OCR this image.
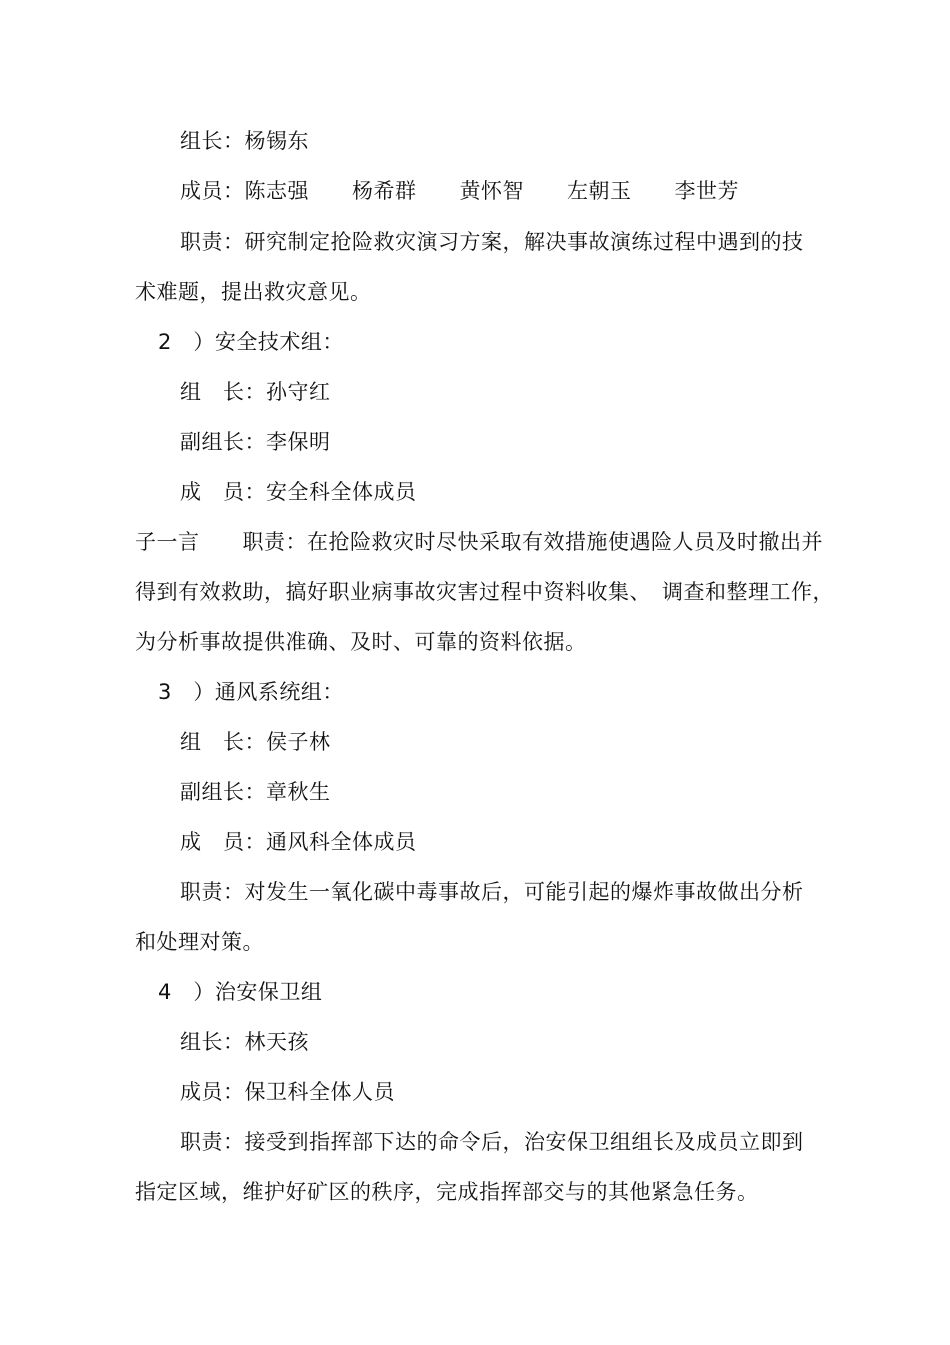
组长：杨锡东
成员：陈志强　　杨希群　　黄怀智　　左朝玉　　李世芳
职责：研究制定抢险救灾演习方案，解决事故演练过程中遇到的技
术难题，提出救灾意见。
2　）安全技术组：
组　长：孙守红
副组长：李保明
成　员：安全科全体成员
子一言　　职责：在抢险救灾时尽快采取有效措施使遇险人员及时撤出并
得到有效救助，搞好职业病事故灾害过程中资料收集、　调查和整理工作，
为分析事故提供准确、及时、可靠的资料依据。
3　）通风系统组：
组　长：侯子林
副组长：章秋生
成　员：通风科全体成员
职责：对发生一氧化碳中毒事故后，可能引起的爆炸事故做出分析
和处理对策。
4　）治安保卫组
组长：林天孩
成员：保卫科全体人员
职责：接受到指挥部下达的命令后，治安保卫组组长及成员立即到
指定区域，维护好矿区的秩序，完成指挥部交与的其他紧急任务。
